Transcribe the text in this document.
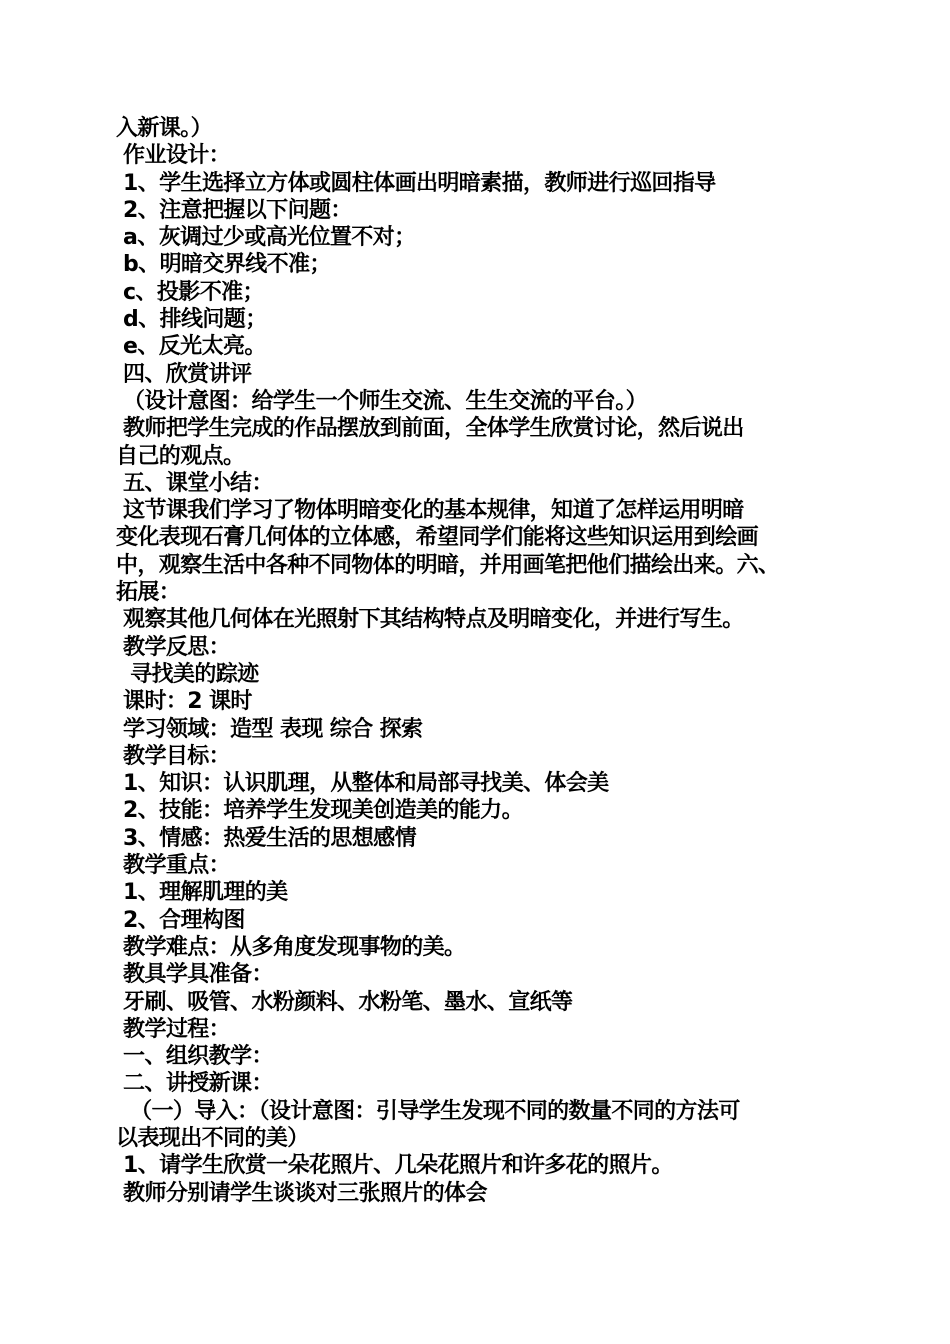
入新课。）
作业设计：
1、学生选择立方体或圆柱体画出明暗素描，教师进行巡回指导
2、注意把握以下问题：
a、灰调过少或高光位置不对；
b、明暗交界线不准；
c、投影不准；
d、排线问题；
e、反光太亮。
四、欣赏讲评
（设计意图：给学生一个师生交流、生生交流的平台。）
教师把学生完成的作品摆放到前面，全体学生欣赏讨论，然后说出
自己的观点。
五、课堂小结：
这节课我们学习了物体明暗变化的基本规律，知道了怎样运用明暗
变化表现石膏几何体的立体感，希望同学们能将这些知识运用到绘画
中，观察生活中各种不同物体的明暗，并用画笔把他们描绘出来。六、
拓展：
观察其他几何体在光照射下其结构特点及明暗变化，并进行写生。
教学反思：
寻找美的踪迹
课时：2 课时
学习领域：造型 表现 综合 探索
教学目标：
1、知识：认识肌理，从整体和局部寻找美、体会美
2、技能：培养学生发现美创造美的能力。
3、情感：热爱生活的思想感情
教学重点：
1、理解肌理的美
2、合理构图
教学难点：从多角度发现事物的美。
教具学具准备：
牙刷、吸管、水粉颜料、水粉笔、墨水、宣纸等
教学过程：
一、组织教学：
二、讲授新课：
（一）导入：（设计意图：引导学生发现不同的数量不同的方法可
以表现出不同的美）
1、请学生欣赏一朵花照片、几朵花照片和许多花的照片。
教师分别请学生谈谈对三张照片的体会
